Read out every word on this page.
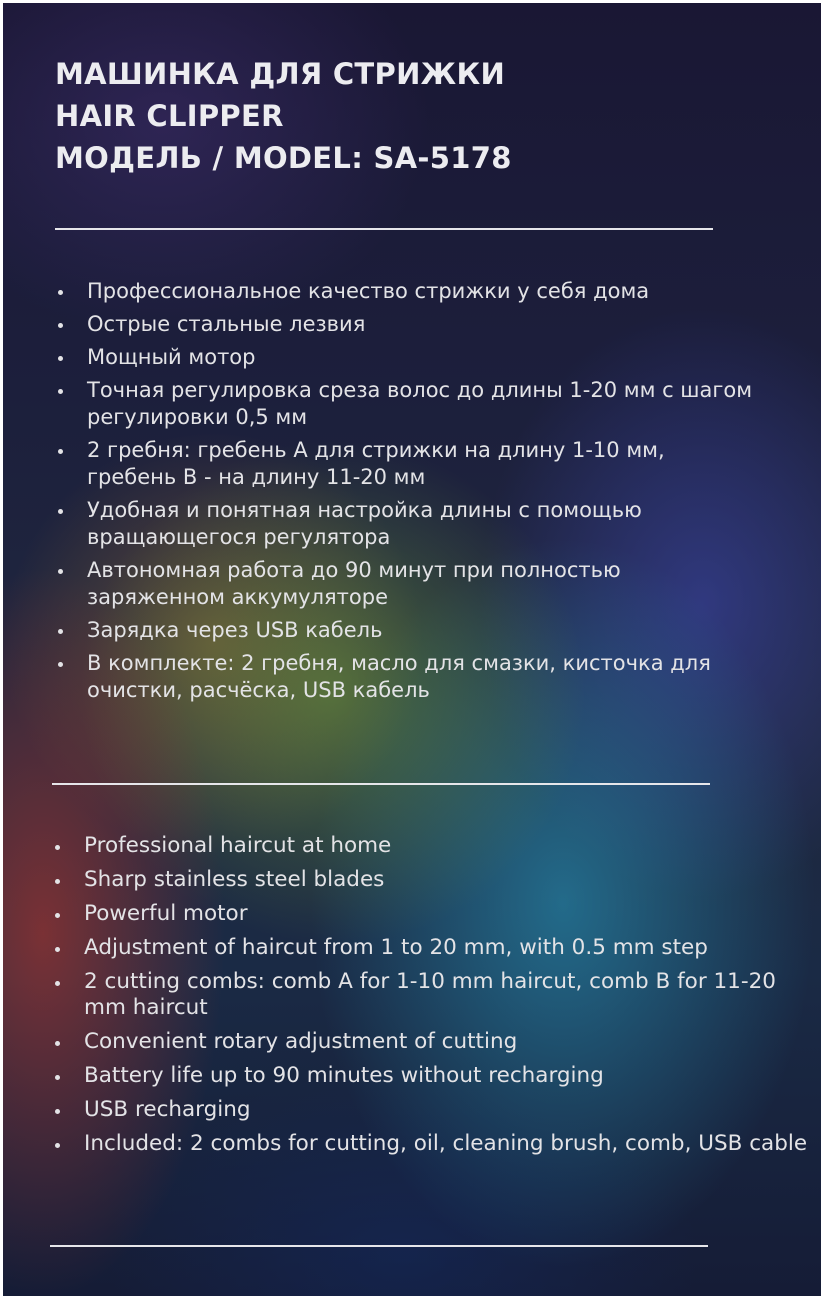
МАШИНКА ДЛЯ СТРИЖКИ
HAIR CLIPPER
МОДЕЛЬ / MODEL: SA-5178
Профессиональное качество стрижки у себя дома
Острые стальные лезвия
Мощный мотор
Точная регулировка среза волос до длины 1-20 мм с шагом регулировки 0,5 мм
2 гребня: гребень А для стрижки на длину 1-10 мм, гребень В - на длину 11-20 мм
Удобная и понятная настройка длины с помощью вращающегося регулятора
Автономная работа до 90 минут при полностью заряженном аккумуляторе
Зарядка через USB кабель
В комплекте: 2 гребня, масло для смазки, кисточка для очистки, расчёска, USB кабель
Professional haircut at home
Sharp stainless steel blades
Powerful motor
Adjustment of haircut from 1 to 20 mm, with 0.5 mm step
2 cutting combs: comb A for 1-10 mm haircut, comb B for 11-20 mm haircut
Convenient rotary adjustment of cutting
Battery life up to 90 minutes without recharging
USB recharging
Included: 2 combs for cutting, oil, cleaning brush, comb, USB cable
